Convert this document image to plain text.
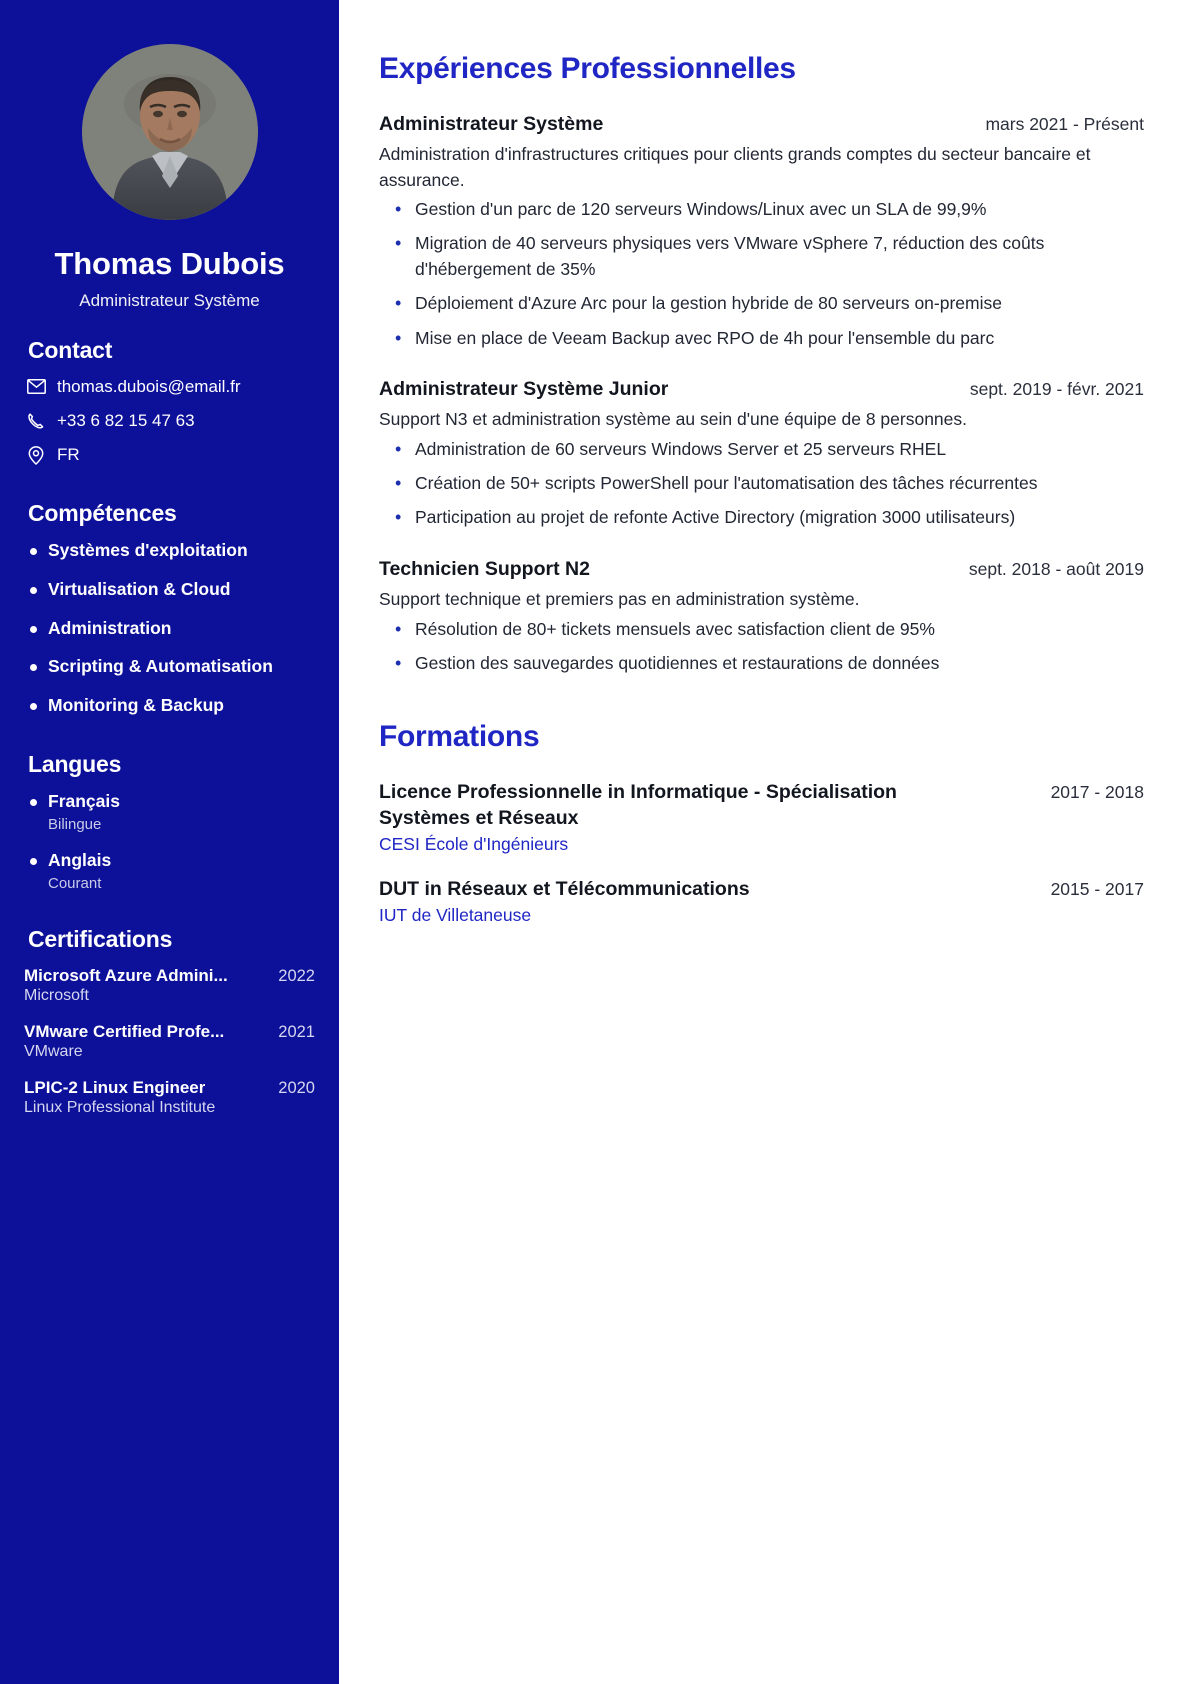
Thomas Dubois
Administrateur Système
Contact
thomas.dubois@email.fr
+33 6 82 15 47 63
FR
Compétences
Systèmes d'exploitation
Virtualisation & Cloud
Administration
Scripting & Automatisation
Monitoring & Backup
Langues
Français
Bilingue
Anglais
Courant
Certifications
Microsoft Azure Admini...	2022
Microsoft
VMware Certified Profe...	2021
VMware
LPIC-2 Linux Engineer	2020
Linux Professional Institute
Expériences Professionnelles
Administrateur Système	mars 2021 - Présent
Administration d'infrastructures critiques pour clients grands comptes du secteur bancaire et assurance.
• Gestion d'un parc de 120 serveurs Windows/Linux avec un SLA de 99,9%
• Migration de 40 serveurs physiques vers VMware vSphere 7, réduction des coûts d'hébergement de 35%
• Déploiement d'Azure Arc pour la gestion hybride de 80 serveurs on-premise
• Mise en place de Veeam Backup avec RPO de 4h pour l'ensemble du parc
Administrateur Système Junior	sept. 2019 - févr. 2021
Support N3 et administration système au sein d'une équipe de 8 personnes.
• Administration de 60 serveurs Windows Server et 25 serveurs RHEL
• Création de 50+ scripts PowerShell pour l'automatisation des tâches récurrentes
• Participation au projet de refonte Active Directory (migration 3000 utilisateurs)
Technicien Support N2	sept. 2018 - août 2019
Support technique et premiers pas en administration système.
• Résolution de 80+ tickets mensuels avec satisfaction client de 95%
• Gestion des sauvegardes quotidiennes et restaurations de données
Formations
Licence Professionnelle in Informatique - Spécialisation Systèmes et Réseaux
2017 - 2018
CESI École d'Ingénieurs
DUT in Réseaux et Télécommunications	2015 - 2017
IUT de Villetaneuse
